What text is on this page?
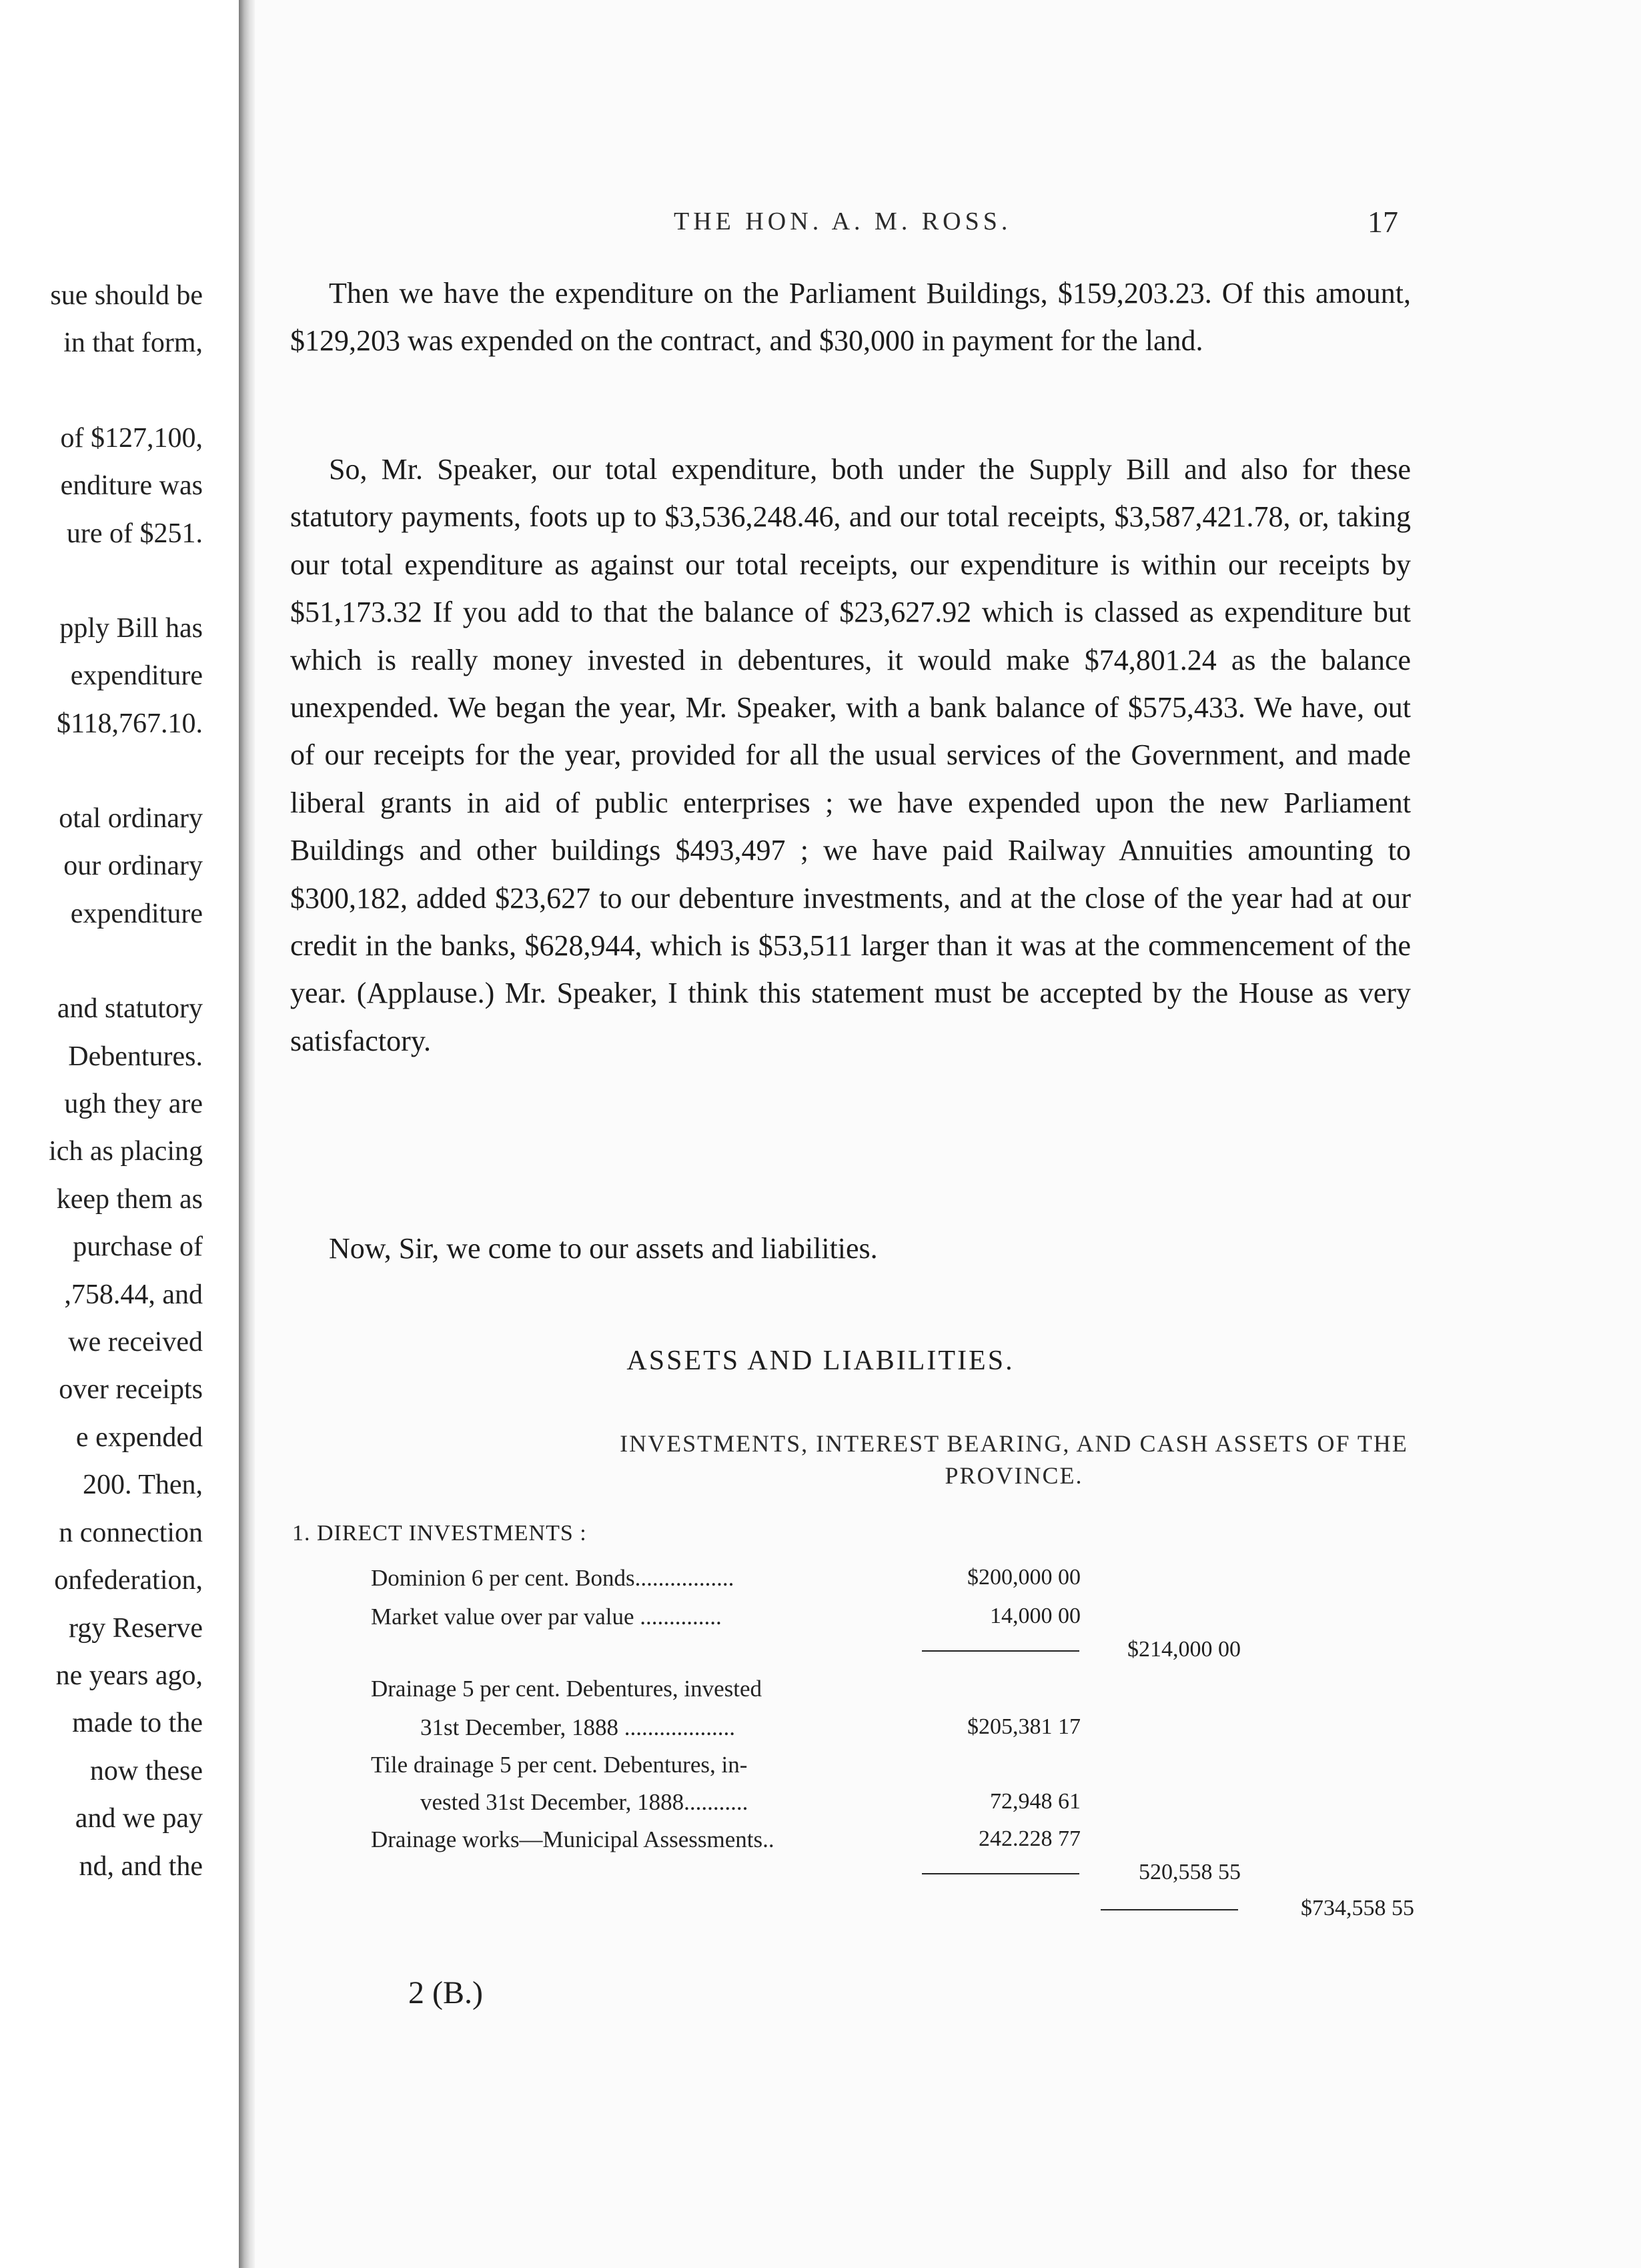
sue should be
in that form,
of $127,100,
enditure was
ure of $251.
pply Bill has
expenditure
$118,767.10.
otal ordinary
our ordinary
expenditure
and statutory
Debentures.
ugh they are
ich as placing
keep them as
purchase of
,758.44, and
we received
over receipts
e expended
200. Then,
n connection
onfederation,
rgy Reserve
ne years ago,
made to the
now these
and we pay
nd, and the
THE HON. A. M. ROSS.	17

Then we have the expenditure on the Parliament Buildings, $159,203.23. Of this amount, $129,203 was expended on the contract, and $30,000 in payment for the land.

So, Mr. Speaker, our total expenditure, both under the Supply Bill and also for these statutory payments, foots up to $3,536,248.46, and our total receipts, $3,587,421.78, or, taking our total expenditure as against our total receipts, our expenditure is within our receipts by $51,173.32 If you add to that the balance of $23,627.92 which is classed as expenditure but which is really money invested in debentures, it would make $74,801.24 as the balance unexpended. We began the year, Mr. Speaker, with a bank balance of $575,433. We have, out of our receipts for the year, provided for all the usual services of the Government, and made liberal grants in aid of public enterprises ; we have expended upon the new Parliament Buildings and other buildings $493,497 ; we have paid Railway Annuities amounting to $300,182, added $23,627 to our debenture investments, and at the close of the year had at our credit in the banks, $628,944, which is $53,511 larger than it was at the commencement of the year. (Applause.) Mr. Speaker, I think this statement must be accepted by the House as very satisfactory.

Now, Sir, we come to our assets and liabilities.

ASSETS AND LIABILITIES.
INVESTMENTS, INTEREST BEARING, AND CASH ASSETS OF THE
PROVINCE.
1. DIRECT INVESTMENTS :
Dominion 6 per cent. Bonds.................	$200,000 00
Market value over par value ..............	14,000 00
$214,000 00
Drainage 5 per cent. Debentures, invested
31st December, 1888 ...................	$205,381 17
Tile drainage 5 per cent. Debentures, in-
vested 31st December, 1888...........	72,948 61
Drainage works—Municipal Assessments..	242.228 77
520,558 55
$734,558 55
2 (B.)
